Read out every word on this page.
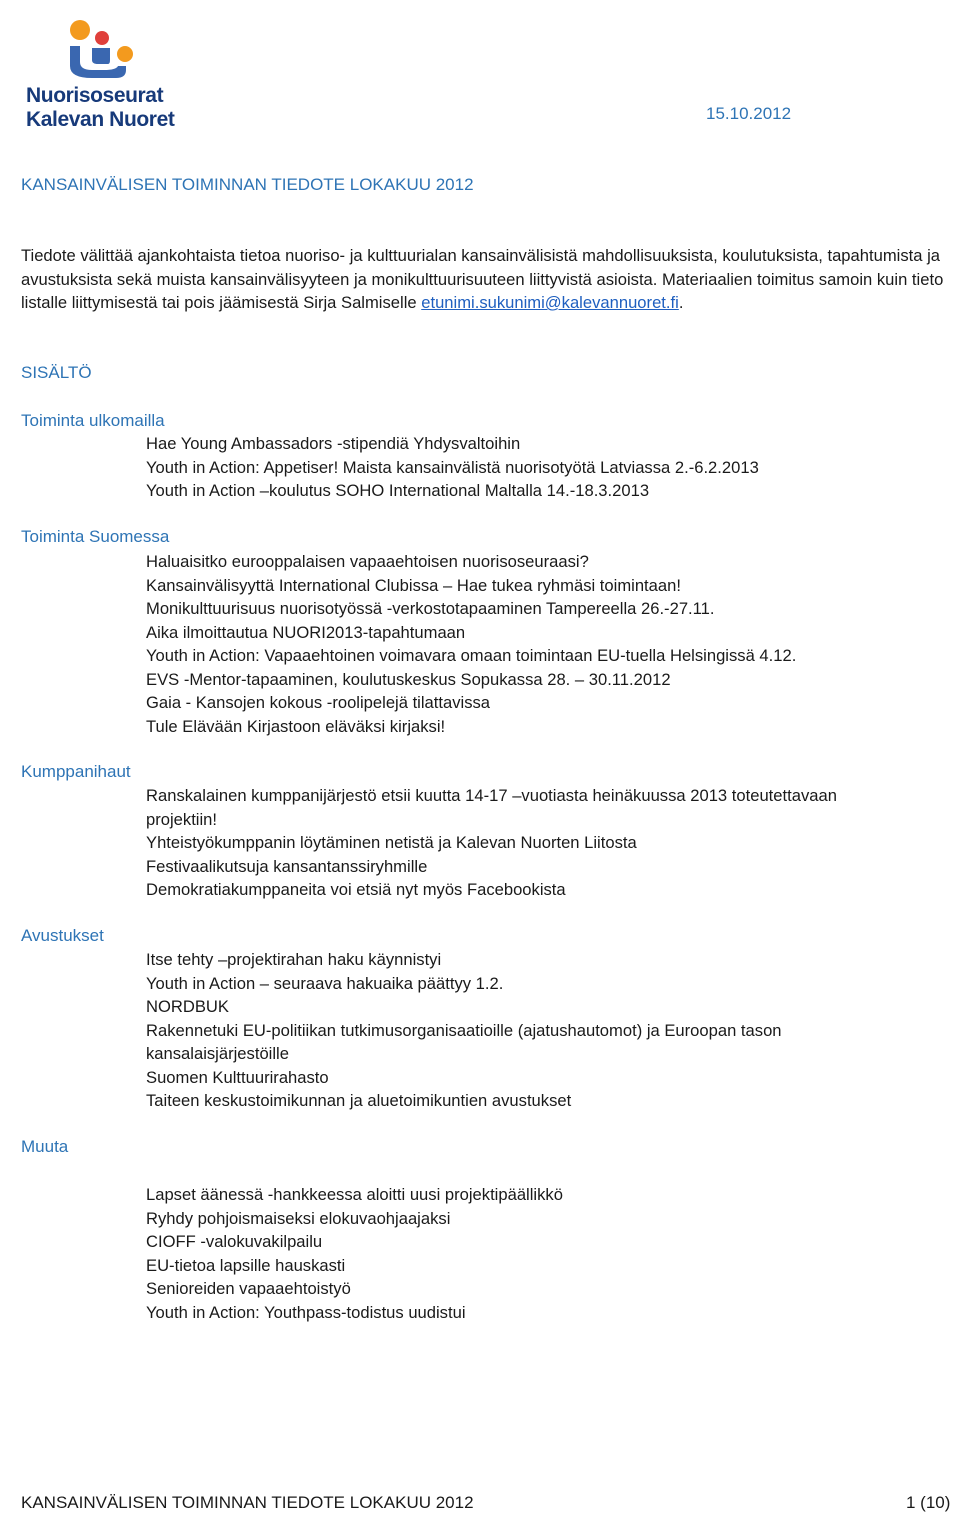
Nuorisoseurat
Kalevan Nuoret	15.10.2012
KANSAINVÄLISEN TOIMINNAN TIEDOTE LOKAKUU 2012
Tiedote välittää ajankohtaista tietoa nuoriso- ja kulttuurialan kansainvälisistä mahdollisuuksista, koulutuksista, tapahtumista ja avustuksista sekä muista kansainvälisyyteen ja monikulttuurisuuteen liittyvistä asioista. Materiaalien toimitus samoin kuin tieto listalle liittymisestä tai pois jäämisestä Sirja Salmiselle etunimi.sukunimi@kalevannuoret.fi.
SISÄLTÖ
Toiminta ulkomailla
Hae Young Ambassadors -stipendiä Yhdysvaltoihin
Youth in Action: Appetiser! Maista kansainvälistä nuorisotyötä Latviassa 2.-6.2.2013
Youth in Action –koulutus SOHO International Maltalla 14.-18.3.2013
Toiminta Suomessa
Haluaisitko eurooppalaisen vapaaehtoisen nuorisoseuraasi?
Kansainvälisyyttä International Clubissa – Hae tukea ryhmäsi toimintaan!
Monikulttuurisuus nuorisotyössä -verkostotapaaminen Tampereella 26.-27.11.
Aika ilmoittautua NUORI2013-tapahtumaan
Youth in Action: Vapaaehtoinen voimavara omaan toimintaan EU-tuella Helsingissä 4.12.
EVS -Mentor-tapaaminen, koulutuskeskus Sopukassa 28. – 30.11.2012
Gaia - Kansojen kokous -roolipelejä tilattavissa
Tule Elävään Kirjastoon eläväksi kirjaksi!
Kumppanihaut
Ranskalainen kumppanijärjestö etsii kuutta 14-17 –vuotiasta heinäkuussa 2013 toteutettavaan projektiin!
Yhteistyökumppanin löytäminen netistä ja Kalevan Nuorten Liitosta
Festivaalikutsuja kansantanssiryhmille
Demokratiakumppaneita voi etsiä nyt myös Facebookista
Avustukset
Itse tehty –projektirahan haku käynnistyi
Youth in Action – seuraava hakuaika päättyy 1.2.
NORDBUK
Rakennetuki EU-politiikan tutkimusorganisaatioille (ajatushautomot) ja Euroopan tason kansalaisjärjestöille
Suomen Kulttuurirahasto
Taiteen keskustoimikunnan ja aluetoimikuntien avustukset
Muuta
Lapset äänessä -hankkeessa aloitti uusi projektipäällikkö
Ryhdy pohjoismaiseksi elokuvaohjaajaksi
CIOFF -valokuvakilpailu
EU-tietoa lapsille hauskasti
Senioreiden vapaaehtoistyö
Youth in Action: Youthpass-todistus uudistui
KANSAINVÄLISEN TOIMINNAN TIEDOTE LOKAKUU 2012	1 (10)
